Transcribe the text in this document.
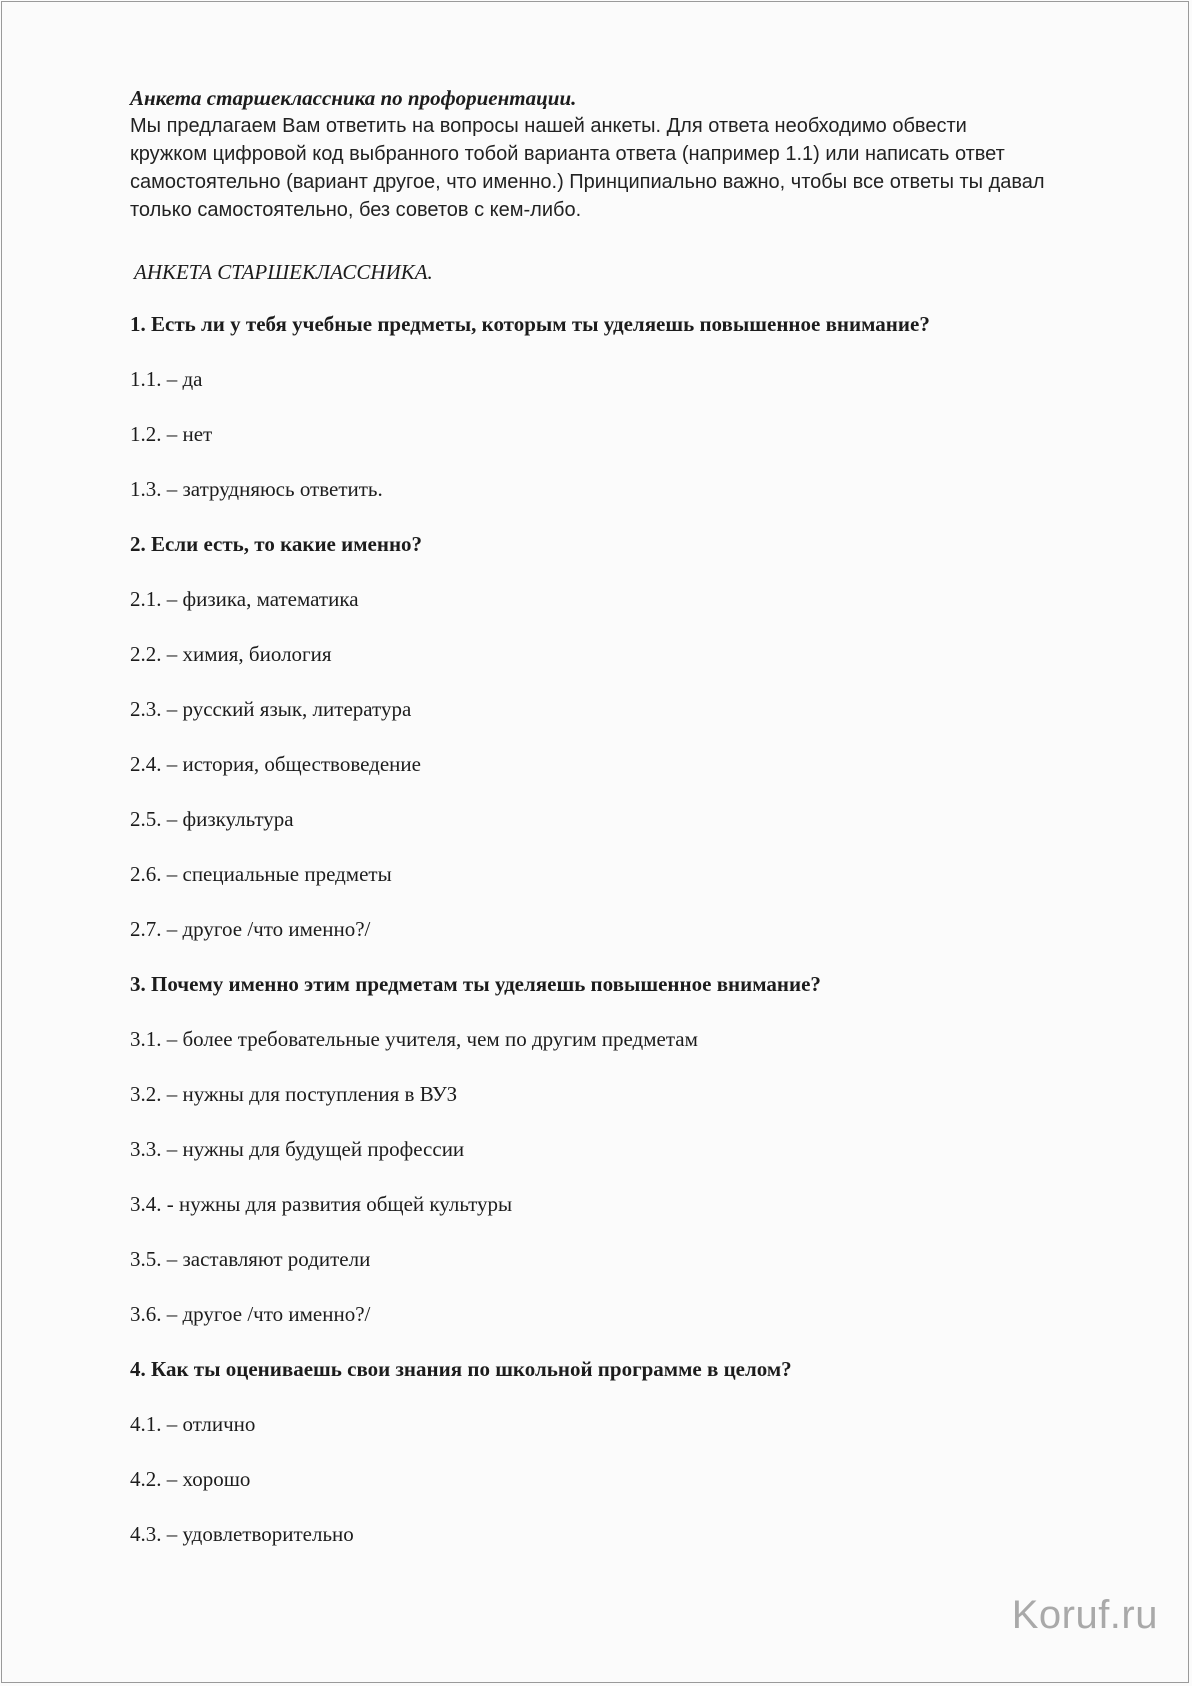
Анкета старшеклассника по профориентации.

Мы предлагаем Вам ответить на вопросы нашей анкеты. Для ответа необходимо обвести
кружком цифровой код выбранного тобой варианта ответа (например 1.1) или написать ответ
самостоятельно (вариант другое, что именно.) Принципиально важно, чтобы все ответы ты давал
только самостоятельно, без советов с кем-либо.

АНКЕТА СТАРШЕКЛАССНИКА.

1. Есть ли у тебя учебные предметы, которым ты уделяешь повышенное внимание?

1.1. – да

1.2. – нет

1.3. – затрудняюсь ответить.

2. Если есть, то какие именно?

2.1. – физика, математика

2.2. – химия, биология

2.3. – русский язык, литература

2.4. – история, обществоведение

2.5. – физкультура

2.6. – специальные предметы

2.7. – другое /что именно?/

3. Почему именно этим предметам ты уделяешь повышенное внимание?

3.1. – более требовательные учителя, чем по другим предметам

3.2. – нужны для поступления в ВУЗ

3.3. – нужны для будущей профессии

3.4. - нужны для развития общей культуры

3.5. – заставляют родители

3.6. – другое /что именно?/

4. Как ты оцениваешь свои знания по школьной программе в целом?

4.1. – отлично

4.2. – хорошо

4.3. – удовлетворительно

Koruf.ru
